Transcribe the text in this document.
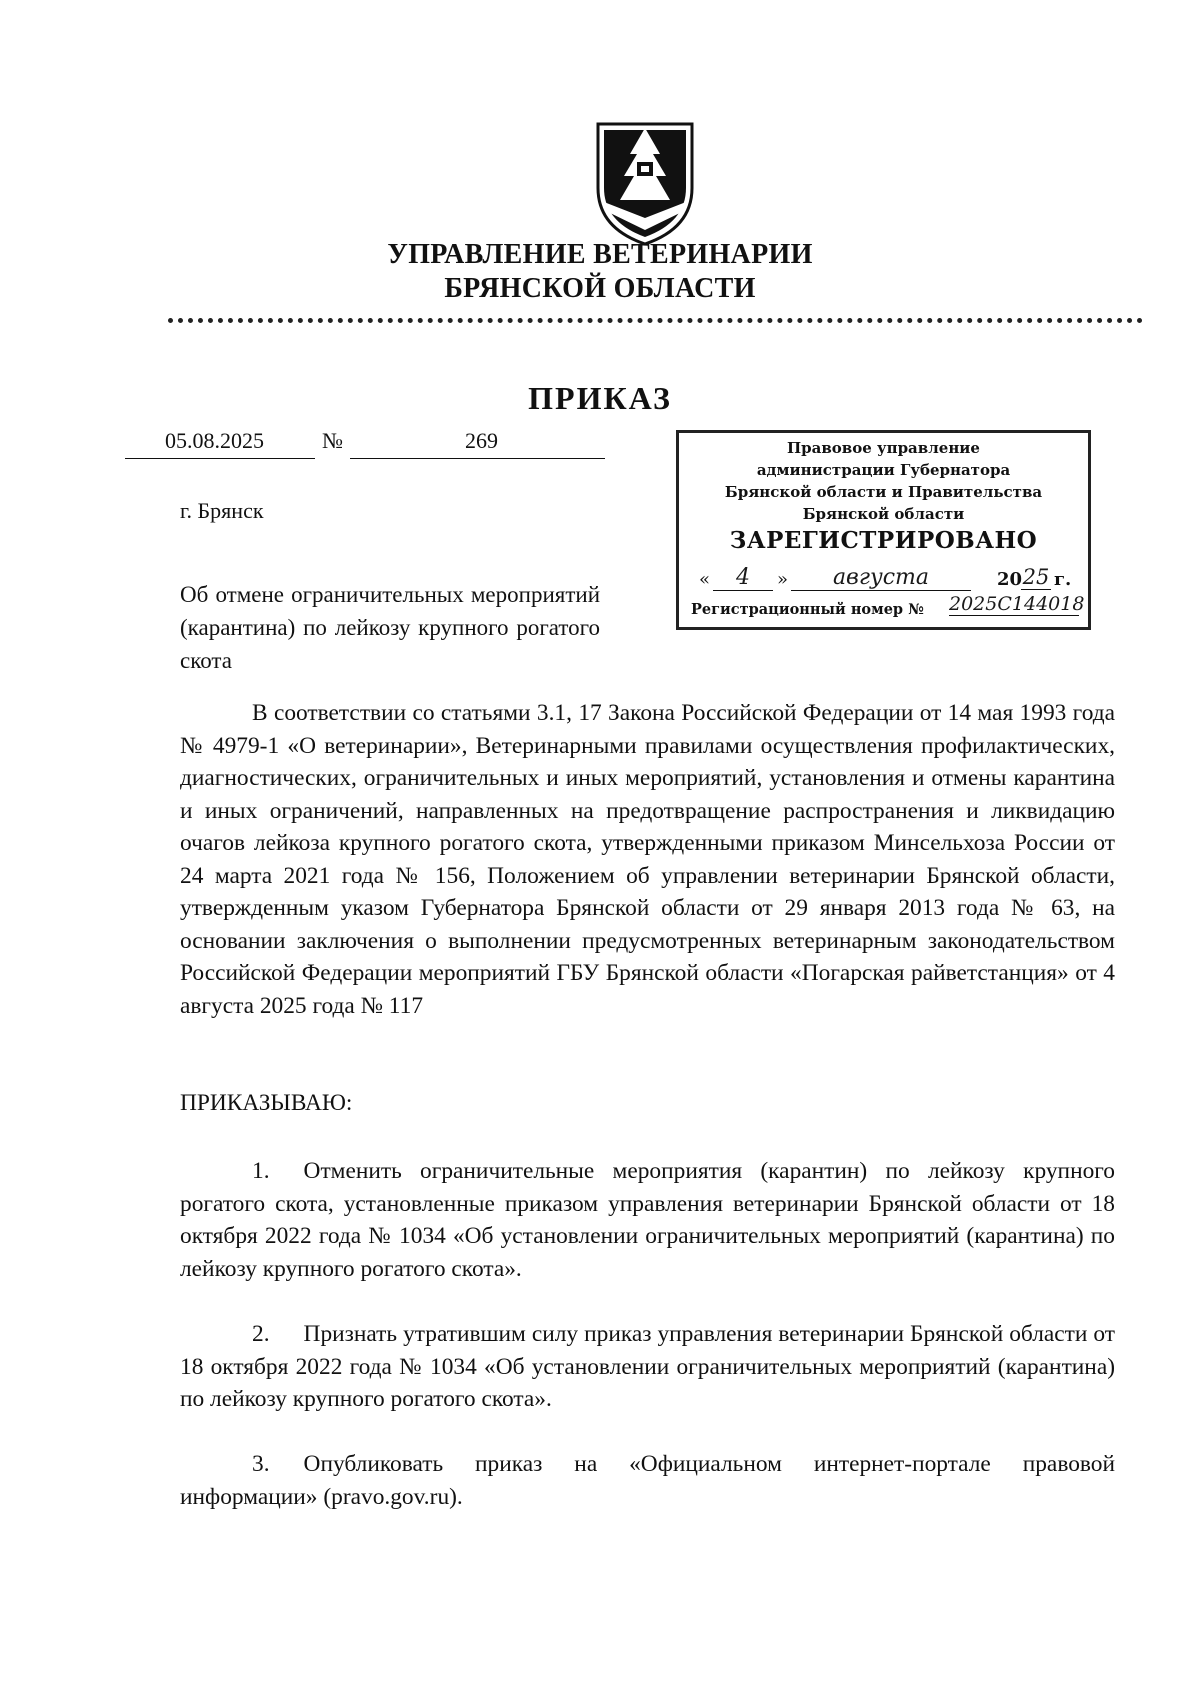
УПРАВЛЕНИЕ ВЕТЕРИНАРИИ
БРЯНСКОЙ ОБЛАСТИ
ПРИКАЗ
05.08.2025	№	269
г. Брянск
Правовое управление
администрации Губернатора
Брянской области и Правительства
Брянской области
ЗАРЕГИСТРИРОВАНО
«	4	»	августа	20 25 г.
Регистрационный номер № 2025С144018
Об отмене ограничительных мероприятий (карантина) по лейкозу крупного рогатого скота
В соответствии со статьями 3.1, 17 Закона Российской Федерации от 14 мая 1993 года № 4979-1 «О ветеринарии», Ветеринарными правилами осуществления профилактических, диагностических, ограничительных и иных мероприятий, установления и отмены карантина и иных ограничений, направленных на предотвращение распространения и ликвидацию очагов лейкоза крупного рогатого скота, утвержденными приказом Минсельхоза России от 24 марта 2021 года № 156, Положением об управлении ветеринарии Брянской области, утвержденным указом Губернатора Брянской области от 29 января 2013 года № 63, на основании заключения о выполнении предусмотренных ветеринарным законодательством Российской Федерации мероприятий ГБУ Брянской области «Погарская райветстанция» от 4 августа 2025 года № 117
ПРИКАЗЫВАЮ:
1. Отменить ограничительные мероприятия (карантин) по лейкозу крупного рогатого скота, установленные приказом управления ветеринарии Брянской области от 18 октября 2022 года № 1034 «Об установлении ограничительных мероприятий (карантина) по лейкозу крупного рогатого скота».
2. Признать утратившим силу приказ управления ветеринарии Брянской области от 18 октября 2022 года № 1034 «Об установлении ограничительных мероприятий (карантина) по лейкозу крупного рогатого скота».
3. Опубликовать приказ на «Официальном интернет-портале правовой информации» (pravo.gov.ru).
